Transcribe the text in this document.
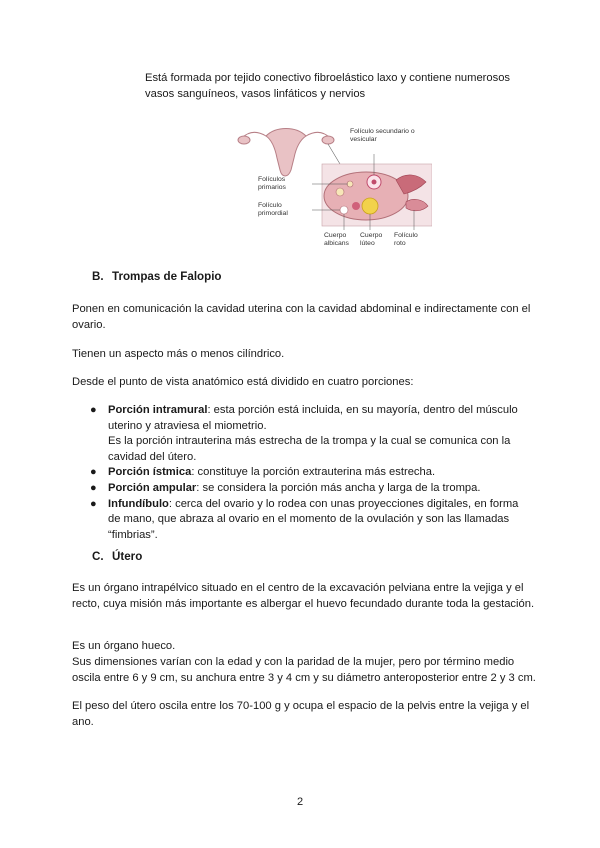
Está formada por tejido conectivo fibroelástico laxo y contiene numerosos

vasos sanguíneos, vasos linfáticos y nervios

Folículo secundario o vesicular
Folículos primarios
Folículo primordial
Cuerpo albicans
Cuerpo lúteo
Folículo roto
B. Trompas de Falopio

Ponen en comunicación la cavidad uterina con la cavidad abdominal e indirectamente con el ovario.

Tienen un aspecto más o menos cilíndrico.

Desde el punto de vista anatómico está dividido en cuatro porciones:

● Porción intramural: esta porción está incluida, en su mayoría, dentro del músculo uterino y atraviesa el miometrio.
Es la porción intrauterina más estrecha de la trompa y la cual se comunica con la cavidad del útero.
● Porción ístmica: constituye la porción extrauterina más estrecha.
● Porción ampular: se considera la porción más ancha y larga de la trompa.
● Infundíbulo: cerca del ovario y lo rodea con unas proyecciones digitales, en forma de mano, que abraza al ovario en el momento de la ovulación y son las llamadas “fimbrias”.
C. Útero

Es un órgano intrapélvico situado en el centro de la excavación pelviana entre la vejiga y el recto, cuya misión más importante es albergar el huevo fecundado durante toda la gestación.

Es un órgano hueco.

Sus dimensiones varían con la edad y con la paridad de la mujer, pero por término medio oscila entre 6 y 9 cm, su anchura entre 3 y 4 cm y su diámetro anteroposterior entre 2 y 3 cm.

El peso del útero oscila entre los 70-100 g y ocupa el espacio de la pelvis entre la vejiga y el ano.

2
